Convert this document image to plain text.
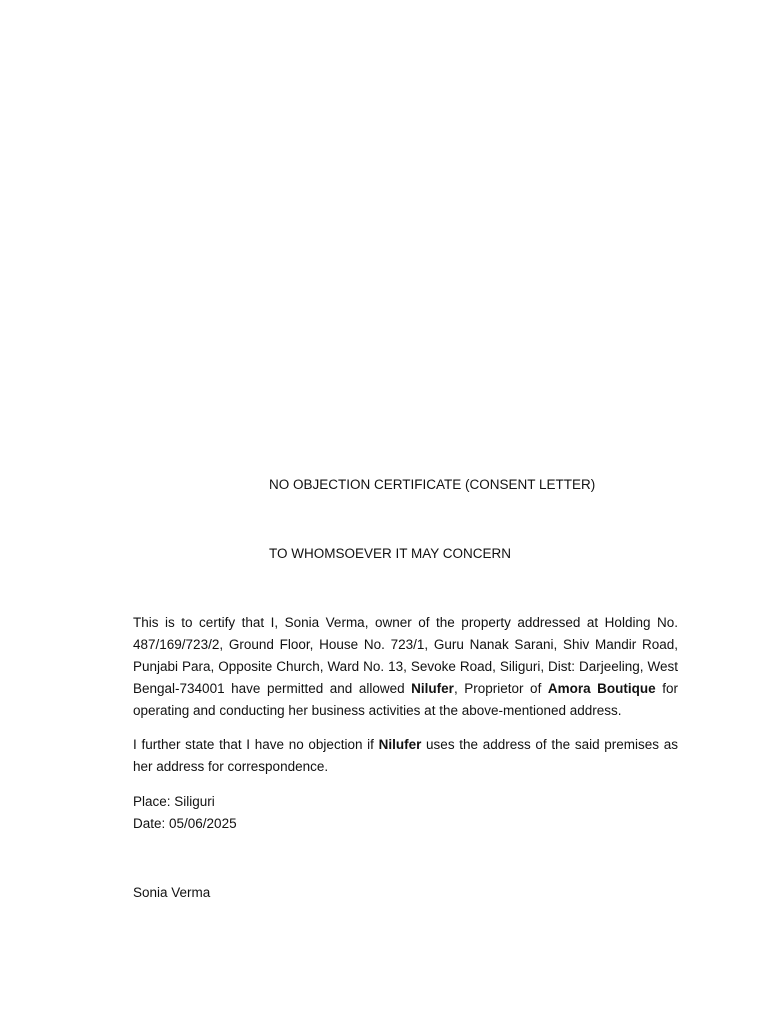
NO OBJECTION CERTIFICATE (CONSENT LETTER)
TO WHOMSOEVER IT MAY CONCERN
This is to certify that I, Sonia Verma, owner of the property addressed at Holding No. 487/169/723/2, Ground Floor, House No. 723/1, Guru Nanak Sarani, Shiv Mandir Road, Punjabi Para, Opposite Church, Ward No. 13, Sevoke Road, Siliguri, Dist: Darjeeling, West Bengal-734001 have permitted and allowed Nilufer, Proprietor of Amora Boutique for operating and conducting her business activities at the above-mentioned address.
I further state that I have no objection if Nilufer uses the address of the said premises as her address for correspondence.
Place: Siliguri
Date: 05/06/2025
Sonia Verma
